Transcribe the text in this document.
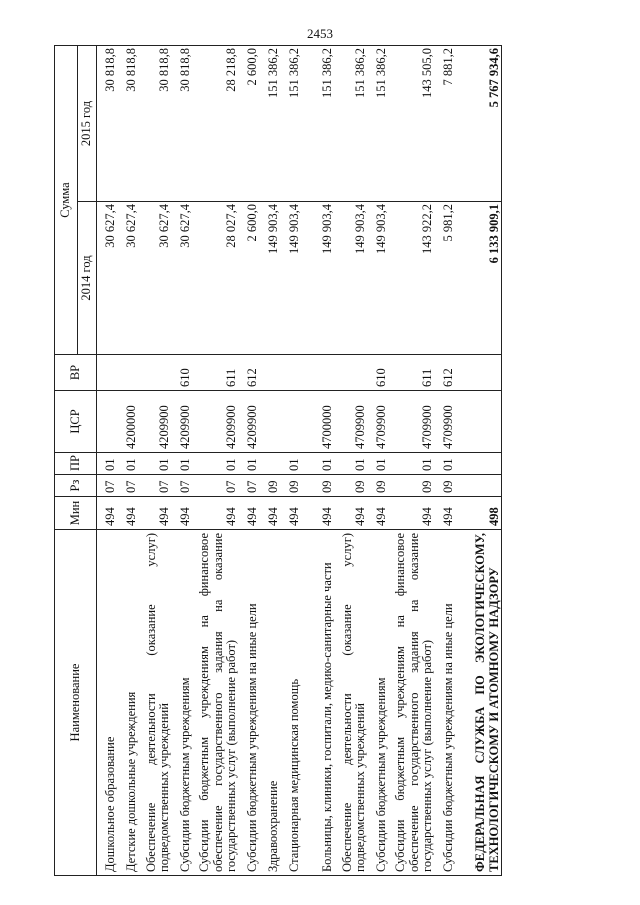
2453
Наименование	Мин	Рз	ПР	ЦСР	ВР	Сумма	
						2014 год	2015 год
Дошкольное образование	494	07	01			30 627,4	30 818,8
Детские дошкольные учреждения	494	07	01	4200000		30 627,4	30 818,8
Обеспечение деятельности (оказание услуг) подведомственных учреждений	494	07	01	4209900		30 627,4	30 818,8
Субсидии бюджетным учреждениям	494	07	01	4209900	610	30 627,4	30 818,8
Субсидии бюджетным учреждениям на финансовое обеспечение государственного задания на оказание государственных услуг (выполнение работ)	494	07	01	4209900	611	28 027,4	28 218,8
Субсидии бюджетным учреждениям на иные цели	494	07	01	4209900	612	2 600,0	2 600,0
Здравоохранение	494	09				149 903,4	151 386,2
Стационарная медицинская помощь	494	09	01			149 903,4	151 386,2
Больницы, клиники, госпитали, медико-санитарные части	494	09	01	4700000		149 903,4	151 386,2
Обеспечение деятельности (оказание услуг) подведомственных учреждений	494	09	01	4709900		149 903,4	151 386,2
Субсидии бюджетным учреждениям	494	09	01	4709900	610	149 903,4	151 386,2
Субсидии бюджетным учреждениям на финансовое обеспечение государственного задания на оказание государственных услуг (выполнение работ)	494	09	01	4709900	611	143 922,2	143 505,0
Субсидии бюджетным учреждениям на иные цели	494	09	01	4709900	612	5 981,2	7 881,2
ФЕДЕРАЛЬНАЯ СЛУЖБА ПО ЭКОЛОГИЧЕСКОМУ, ТЕХНОЛОГИЧЕСКОМУ И АТОМНОМУ НАДЗОРУ	498					6 133 909,1	5 767 934,6
